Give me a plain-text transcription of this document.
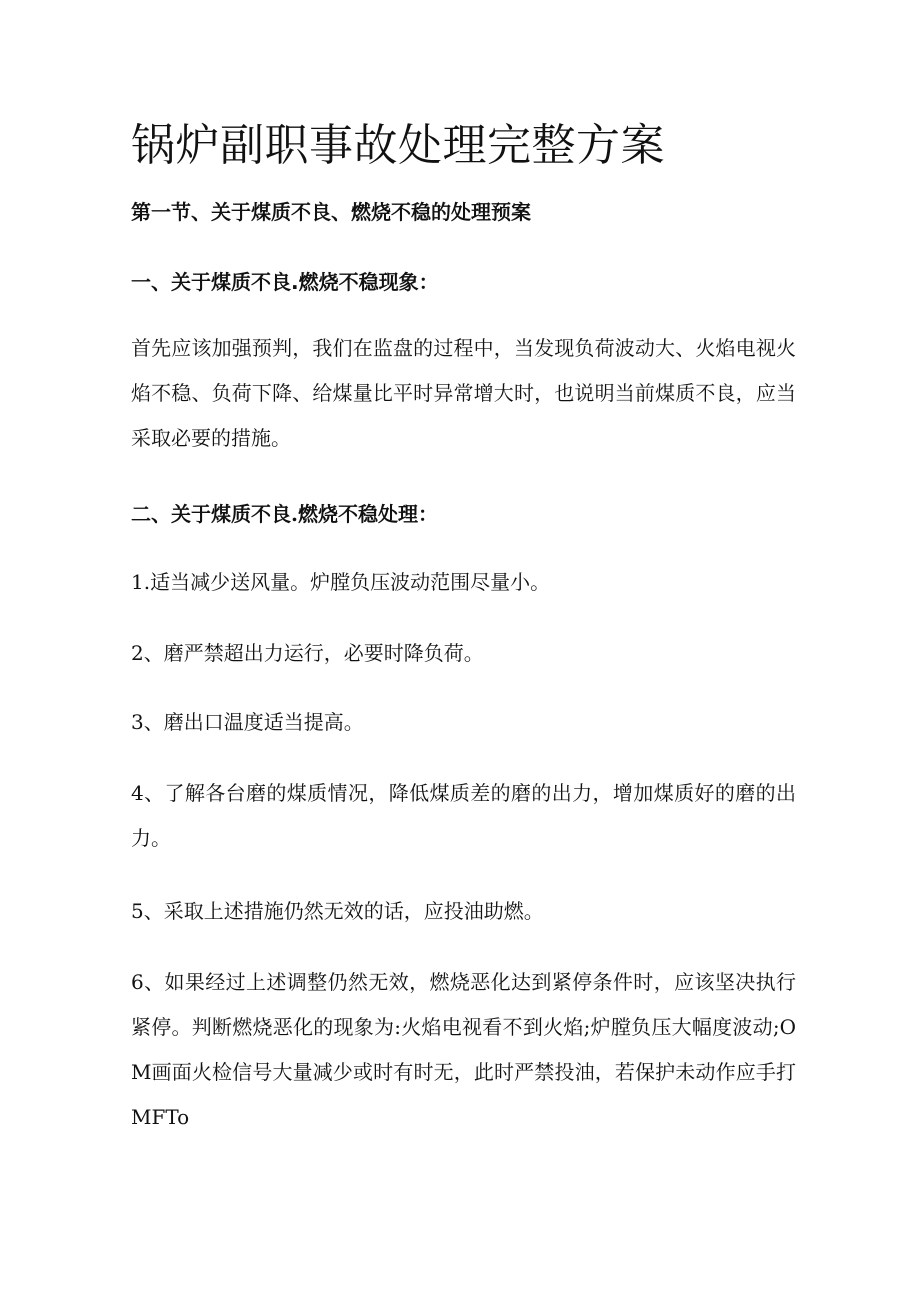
锅炉副职事故处理完整方案
第一节、关于煤质不良、燃烧不稳的处理预案
一、关于煤质不良.燃烧不稳现象：

首先应该加强预判，我们在监盘的过程中，当发现负荷波动大、火焰电视火焰不稳、负荷下降、给煤量比平时异常增大时，也说明当前煤质不良，应当采取必要的措施。

二、关于煤质不良.燃烧不稳处理：

1.适当减少送风量。炉膛负压波动范围尽量小。

2、磨严禁超出力运行，必要时降负荷。

3、磨出口温度适当提高。

4、了解各台磨的煤质情况，降低煤质差的磨的出力，增加煤质好的磨的出力。

5、采取上述措施仍然无效的话，应投油助燃。

6、如果经过上述调整仍然无效，燃烧恶化达到紧停条件时，应该坚决执行紧停。判断燃烧恶化的现象为:火焰电视看不到火焰;炉膛负压大幅度波动;OM画面火检信号大量减少或时有时无，此时严禁投油，若保护未动作应手打MFTo
